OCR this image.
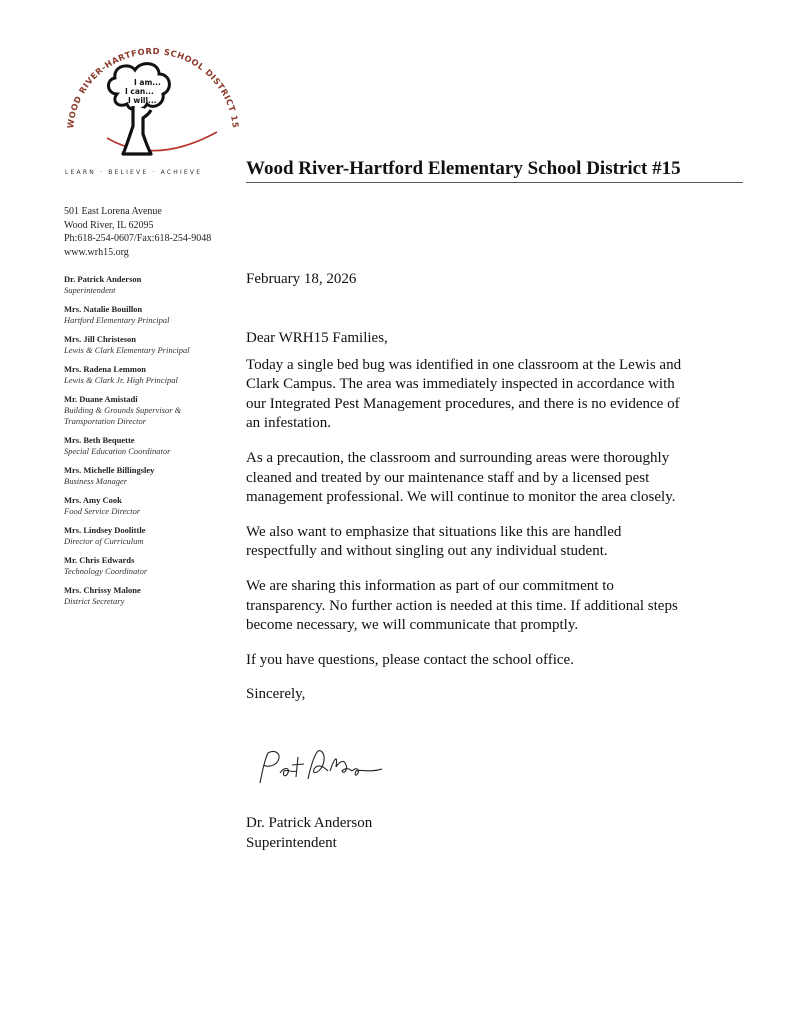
WOOD RIVER-HARTFORD SCHOOL DISTRICT 15
I am...
I can...
I will...
LEARN · BELIEVE · ACHIEVE Wood River-Hartford Elementary School District #15
501 East Lorena Avenue
Wood River, IL 62095
Ph:618-254-0607/Fax:618-254-9048
www.wrh15.org
Dr. Patrick Anderson
Superintendent
Mrs. Natalie Bouillon
Hartford Elementary Principal
Mrs. Jill Christeson
Lewis & Clark Elementary Principal
Mrs. Radena Lemmon
Lewis & Clark Jr. High Principal
Mr. Duane Amistadi
Building & Grounds Supervisor & Transportation Director
Mrs. Beth Bequette
Special Education Coordinator
Mrs. Michelle Billingsley
Business Manager
Mrs. Amy Cook
Food Service Director
Mrs. Lindsey Doolittle
Director of Curriculum
Mr. Chris Edwards
Technology Coordinator
Mrs. Chrissy Malone
District Secretary
February 18, 2026

Dear WRH15 Families,

Today a single bed bug was identified in one classroom at the Lewis and Clark Campus. The area was immediately inspected in accordance with our Integrated Pest Management procedures, and there is no evidence of an infestation.

As a precaution, the classroom and surrounding areas were thoroughly cleaned and treated by our maintenance staff and by a licensed pest management professional. We will continue to monitor the area closely.

We also want to emphasize that situations like this are handled respectfully and without singling out any individual student.

We are sharing this information as part of our commitment to transparency. No further action is needed at this time. If additional steps become necessary, we will communicate that promptly.

If you have questions, please contact the school office.

Sincerely,

Dr. Patrick Anderson
Superintendent
